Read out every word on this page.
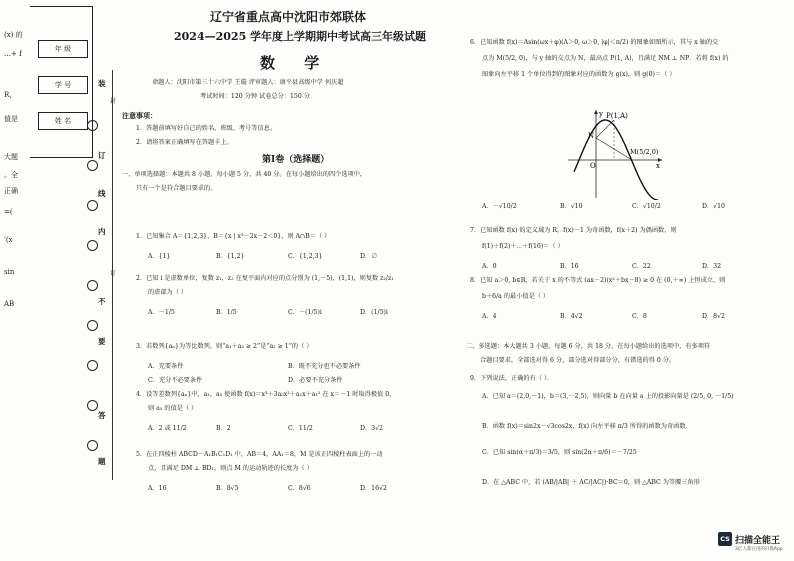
(x) 的
…+ f
R，
值是
大题
。全
正确
=(
'(x
sin
AB
年 级
学 号
姓 名
装
订
线
内
不
要
答
题
封
订
辽宁省重点高中沈阳市郊联体
2024—2025 学年度上学期期中考试高三年级试题
数 学
命题人：沈阳市第三十六中学 王璇 评审题人：康平县高级中学 何庆超
考试时间：120 分钟 试卷总分：150 分
注意事项：
1．答题前填写好自己的姓名、班级、考号等信息。
2．请将答案正确填写在答题卡上。
第Ⅰ卷（选择题）
一、单项选择题：本题共 8 小题，每小题 5 分，共 40 分。在每小题给出的四个选项中，
只有一个是符合题目要求的。
1．已知集合 A＝{1,2,3}，B＝{x | x²－2x－2＜0}，则 A∩B＝（ ）
A．{1}	B．{1,2}	C．{1,2,3}	D．∅
2．已知 i 是虚数单位，复数 z₁，z₂ 在复平面内对应的点分别为 (1,－5)，(1,1)，则复数 z₂/z₁
的虚部为（ ）
A．－1/5	B．1/5	C．－(1/5)i	D．(1/5)i
3．若数列{aₙ}为等比数列，则“a₁＋a₂ ≥ 2”是“a₂ ≥ 1”的（ ）
A．充要条件	B．既不充分也不必要条件
C．充分不必要条件	D．必要不充分条件
4．设等差数列{aₙ}中，a₁，a₅ 使函数 f(x)＝x³＋3a₅x²＋a₁x＋a₁² 在 x＝－1 时取得极值 0，
则 a₅ 的值是（ ）
A．2 或 11/2	B．2	C．11/2	D．3√2
5．在正四棱柱 ABCD－A₁B₁C₁D₁ 中，AB＝4，AA₁＝8，M 是该正四棱柱表面上的一动
点，且满足 DM ⊥ BD₁，则点 M 的运动轨迹的长度为（ ）
A．16	B．8√5	C．8√6	D．16√2
6．已知函数 f(x)＝Asin(ωx＋φ)(A＞0, ω＞0, |φ|＜π/2) 的图象如图所示，其与 x 轴的交
点为 M(5/2, 0)，与 y 轴的交点为 N，最高点 P(1, A)，且满足 NM ⊥ NP．若将 f(x) 的
图象向左平移 1 个单位得到的图象对应的函数为 g(x)，则 g(0)＝（ ）
A．－√10/2	B．√10	C．√10/2	D．√10
7．已知函数 f(x) 的定义域为 R，f(x)－1 为奇函数，f(x＋2) 为偶函数，则
f(1)＋f(2)＋⋯＋f(16)＝（ ）
A．0	B．16	C．22	D．32
8．已知 a＞0, b∈R，若关于 x 的不等式 (ax－2)(x²＋bx－8) ≥ 0 在 (0,＋∞) 上恒成立，则
b＋6/a 的最小值是（ ）
A．4	B．4√2	C．8	D．8√2
二、多选题：本大题共 3 小题，每题 6 分，共 18 分。在每小题给出的选项中，有多项符
合题目要求。全部选对得 6 分，部分选对得部分分，有错选的得 0 分。
9．下列说法，正确的有（ ）．
A．已知 a＝(2,0,－1)，b＝(3,－2,5)，则向量 b 在向量 a 上的投影向量是 (2/5, 0, －1/5)
B．函数 f(x)＝sin2x－√3cos2x，f(x) 向左平移 π/3 所得的函数为奇函数．
C．已知 sin(α＋π/3)＝3/5，则 sin(2α＋π/6)＝－7/25
D．在 △ABC 中，若 (AB/|AB| ＋ AC/|AC|)·BC＝0，则 △ABC 为等腰三角形
P(1,A)
N
M(5/2,0)
O	x
y
CS 扫描全能王
3亿人都在用的扫描App
